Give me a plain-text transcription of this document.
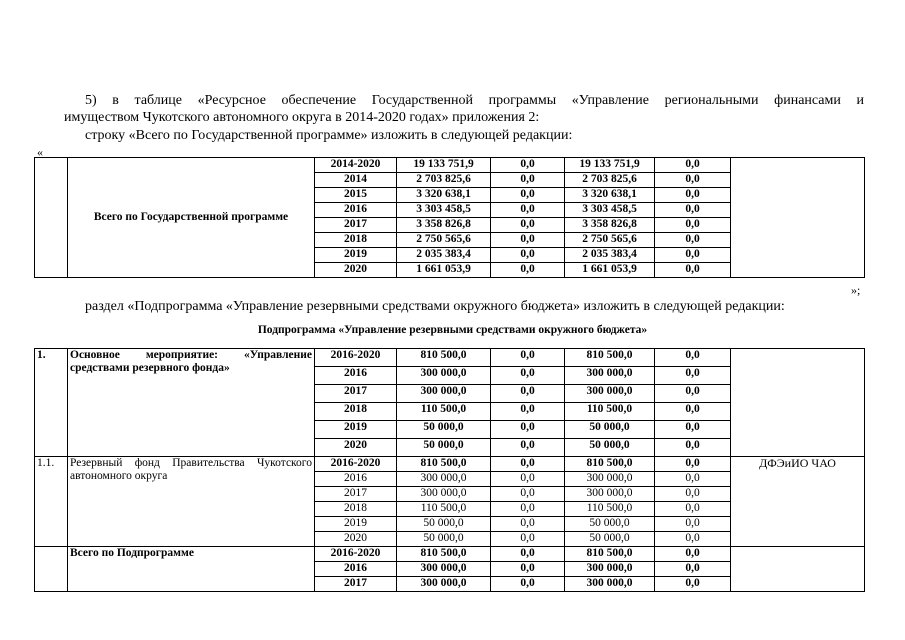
5) в таблице «Ресурсное обеспечение Государственной программы «Управление региональными финансами и
имуществом Чукотского автономного округа в 2014-2020 годах» приложения 2:
строку «Всего по Государственной программе» изложить в следующей редакции:
«
	Всего по Государственной программе	2014-2020	19 133 751,9	0,0	19 133 751,9	0,0	
		2014	2 703 825,6	0,0	2 703 825,6	0,0	
		2015	3 320 638,1	0,0	3 320 638,1	0,0	
		2016	3 303 458,5	0,0	3 303 458,5	0,0	
		2017	3 358 826,8	0,0	3 358 826,8	0,0	
		2018	2 750 565,6	0,0	2 750 565,6	0,0	
		2019	2 035 383,4	0,0	2 035 383,4	0,0	
		2020	1 661 053,9	0,0	1 661 053,9	0,0	
»;
раздел «Подпрограмма «Управление резервными средствами окружного бюджета» изложить в следующей редакции:
Подпрограмма «Управление резервными средствами окружного бюджета»
1.	Основное мероприятие: «Управление средствами резервного фонда»	2016-2020	810 500,0	0,0	810 500,0	0,0	
		2016	300 000,0	0,0	300 000,0	0,0	
		2017	300 000,0	0,0	300 000,0	0,0	
		2018	110 500,0	0,0	110 500,0	0,0	
		2019	50 000,0	0,0	50 000,0	0,0	
		2020	50 000,0	0,0	50 000,0	0,0	
1.1.	Резервный фонд Правительства Чукотского автономного округа	2016-2020	810 500,0	0,0	810 500,0	0,0	ДФЭиИО ЧАО
		2016	300 000,0	0,0	300 000,0	0,0	
		2017	300 000,0	0,0	300 000,0	0,0	
		2018	110 500,0	0,0	110 500,0	0,0	
		2019	50 000,0	0,0	50 000,0	0,0	
		2020	50 000,0	0,0	50 000,0	0,0	
	Всего по Подпрограмме	2016-2020	810 500,0	0,0	810 500,0	0,0	
		2016	300 000,0	0,0	300 000,0	0,0	
		2017	300 000,0	0,0	300 000,0	0,0	
